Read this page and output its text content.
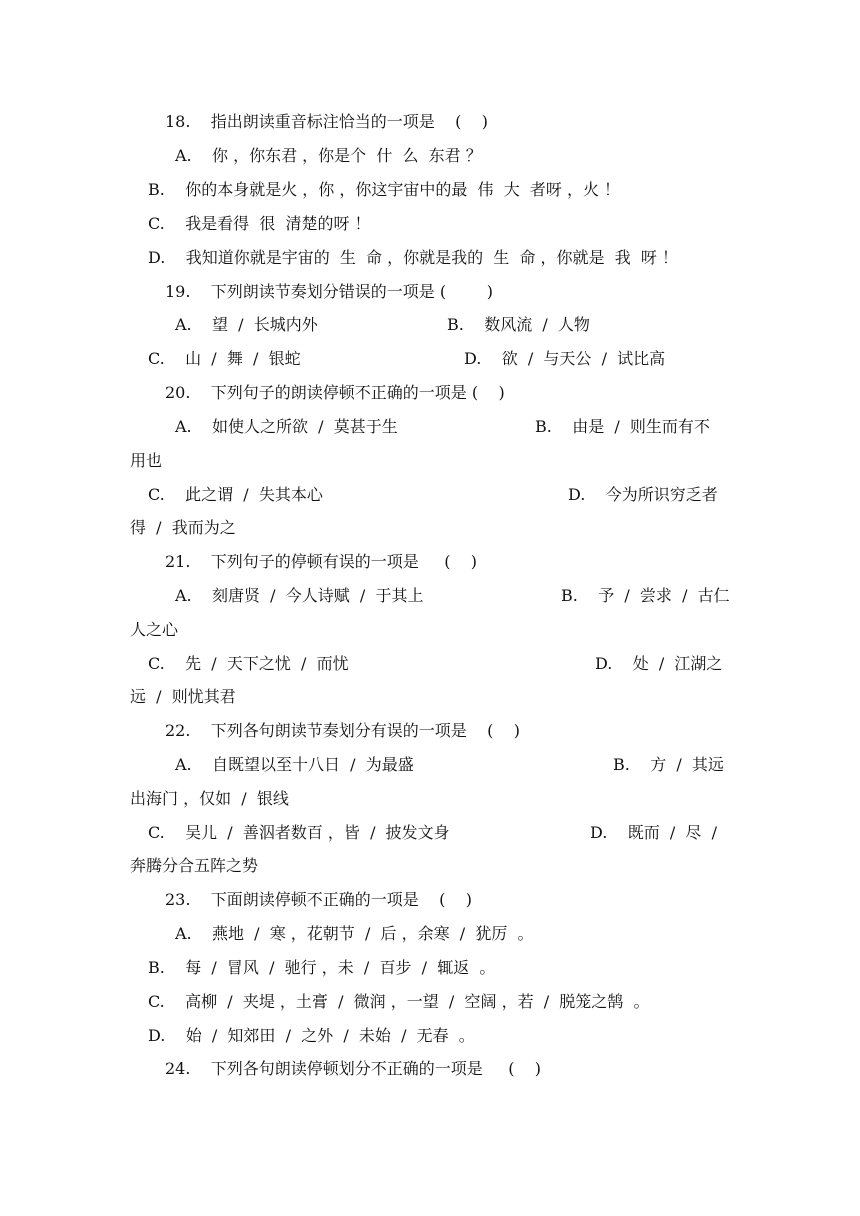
18.    指出朗读重音标注恰当的一项是    (    )
A.    你 ，你东君 ，你是个  什  么  东君 ？
B.    你的本身就是火 ，你 ，你这宇宙中的最  伟  大  者呀 ，火 ！
C.    我是看得  很  清楚的呀 ！
D.    我知道你就是宇宙的  生  命 ，你就是我的  生  命 ，你就是  我  呀 ！
19.    下列朗读节奏划分错误的一项是 (        )
A.    望  /  长城内外	B.    数风流  /  人物
C.    山  /  舞  /  银蛇	D.    欲  /  与天公  /  试比高
20.    下列句子的朗读停顿不正确的一项是 (    )
A.    如使人之所欲  /  莫甚于生	B.    由是  /  则生而有不
用也
C.    此之谓  /  失其本心	D.    今为所识穷乏者
得  /  我而为之
21.    下列句子的停顿有误的一项是     (    )
A.    刻唐贤  /  今人诗赋  /  于其上	B.    予  /  尝求  /  古仁
人之心
C.    先  /  天下之忧  /  而忧	D.    处  /  江湖之
远  /  则忧其君
22.    下列各句朗读节奏划分有误的一项是    (    )
A.    自既望以至十八日  /  为最盛	B.    方  /  其远
出海门 ，仅如  /  银线
C.    吴儿  /  善泅者数百 ，皆  /  披发文身	D.    既而  /  尽  /
奔腾分合五阵之势
23.    下面朗读停顿不正确的一项是    (    )
A.    燕地  /  寒 ，花朝节  /  后 ，余寒  /  犹厉  。
B.    每  /  冒风  /  驰行 ，未  /  百步  /  辄返  。
C.    高柳  /  夹堤 ，土膏  /  微润 ，一望  /  空阔 ，若  /  脱笼之鹄  。
D.    始  /  知郊田  /  之外  /  未始  /  无春  。
24.    下列各句朗读停顿划分不正确的一项是     (    )
